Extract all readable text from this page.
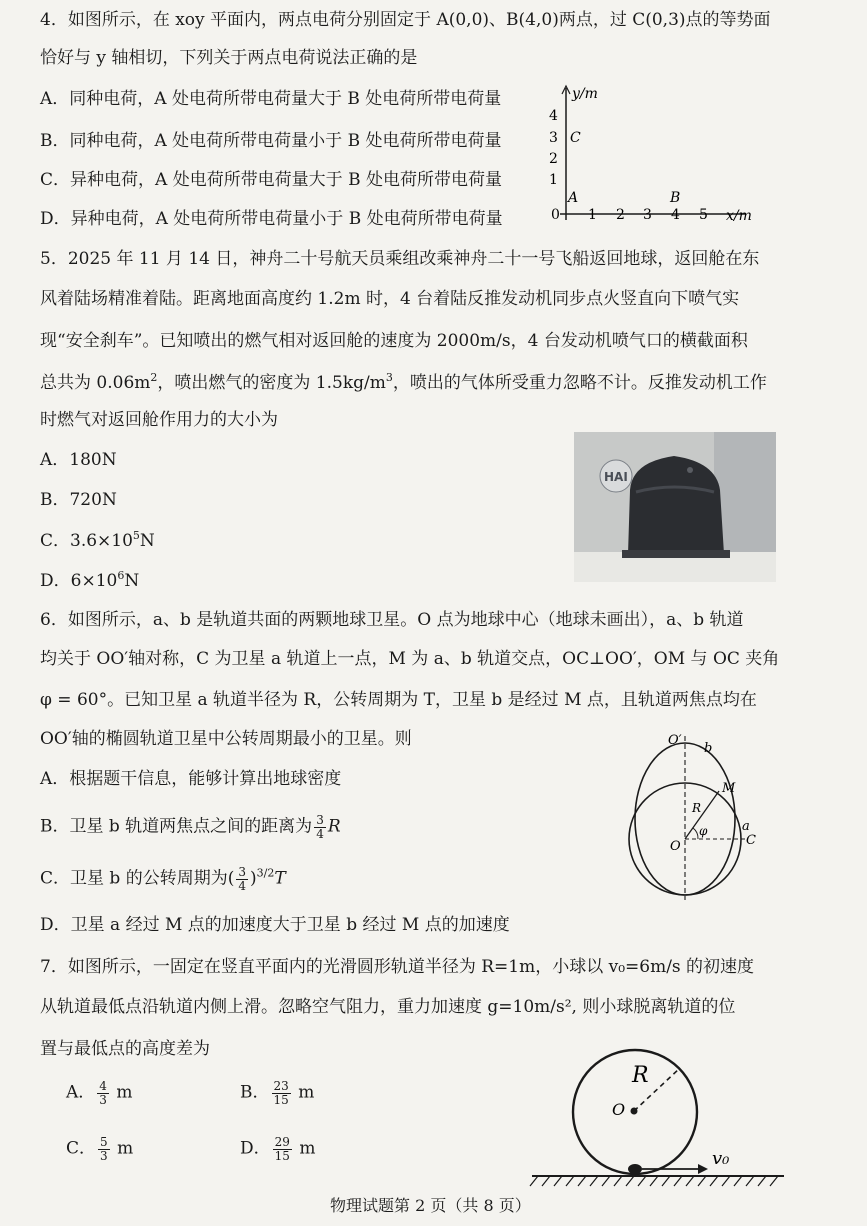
4．如图所示，在 xoy 平面内，两点电荷分别固定于 A(0,0)、B(4,0)两点，过 C(0,3)点的等势面
恰好与 y 轴相切，下列关于两点电荷说法正确的是
A．同种电荷，A 处电荷所带电荷量大于 B 处电荷所带电荷量
B．同种电荷，A 处电荷所带电荷量小于 B 处电荷所带电荷量
C．异种电荷，A 处电荷所带电荷量大于 B 处电荷所带电荷量
D．异种电荷，A 处电荷所带电荷量小于 B 处电荷所带电荷量
y/m
4
3
2
1
C
A	B
0 1 2 3 4 5 x/m
5．2025 年 11 月 14 日，神舟二十号航天员乘组改乘神舟二十一号飞船返回地球，返回舱在东
风着陆场精准着陆。距离地面高度约 1.2m 时，4 台着陆反推发动机同步点火竖直向下喷气实
现“安全刹车”。已知喷出的燃气相对返回舱的速度为 2000m/s，4 台发动机喷气口的横截面积
总共为 $0.06m^2$，喷出燃气的密度为 $1.5kg/m^3$，喷出的气体所受重力忽略不计。反推发动机工作
时燃气对返回舱作用力的大小为
A．180N
B．720N
C．$3.6\times 10^5N$
D．$6\times 10^6N$
HAI
6．如图所示，a、b 是轨道共面的两颗地球卫星。O 点为地球中心（地球未画出），a、b 轨道
均关于 OO′轴对称，C 为卫星 a 轨道上一点，M 为 a、b 轨道交点，OC⊥OO′，OM 与 OC 夹角
φ = 60°。已知卫星 a 轨道半径为 R，公转周期为 T，卫星 b 是经过 M 点，且轨道两焦点均在
OO′轴的椭圆轨道卫星中公转周期最小的卫星。则
A．根据题干信息，能够计算出地球密度
B．卫星 b 轨道两焦点之间的距离为 $\frac{3}{4}$ R
C．卫星 b 的公转周期为( $\frac{3}{4} )^{3/2}T$
D．卫星 a 经过 M 点的加速度大于卫星 b 经过 M 点的加速度
O′
b
M
R
φ	a
C
O
7．如图所示，一固定在竖直平面内的光滑圆形轨道半径为 R=1m，小球以 v₀=6m/s 的初速度
从轨道最低点沿轨道内侧上滑。忽略空气阻力，重力加速度 g=10m/s², 则小球脱离轨道的位
置与最低点的高度差为
A． $\frac{4}{3}$ m	B． $\frac{23}{15}$ m
C． $\frac{5}{3}$ m	D． $\frac{29}{15}$ m
R
O
v₀
物理试题第 2 页（共 8 页）
